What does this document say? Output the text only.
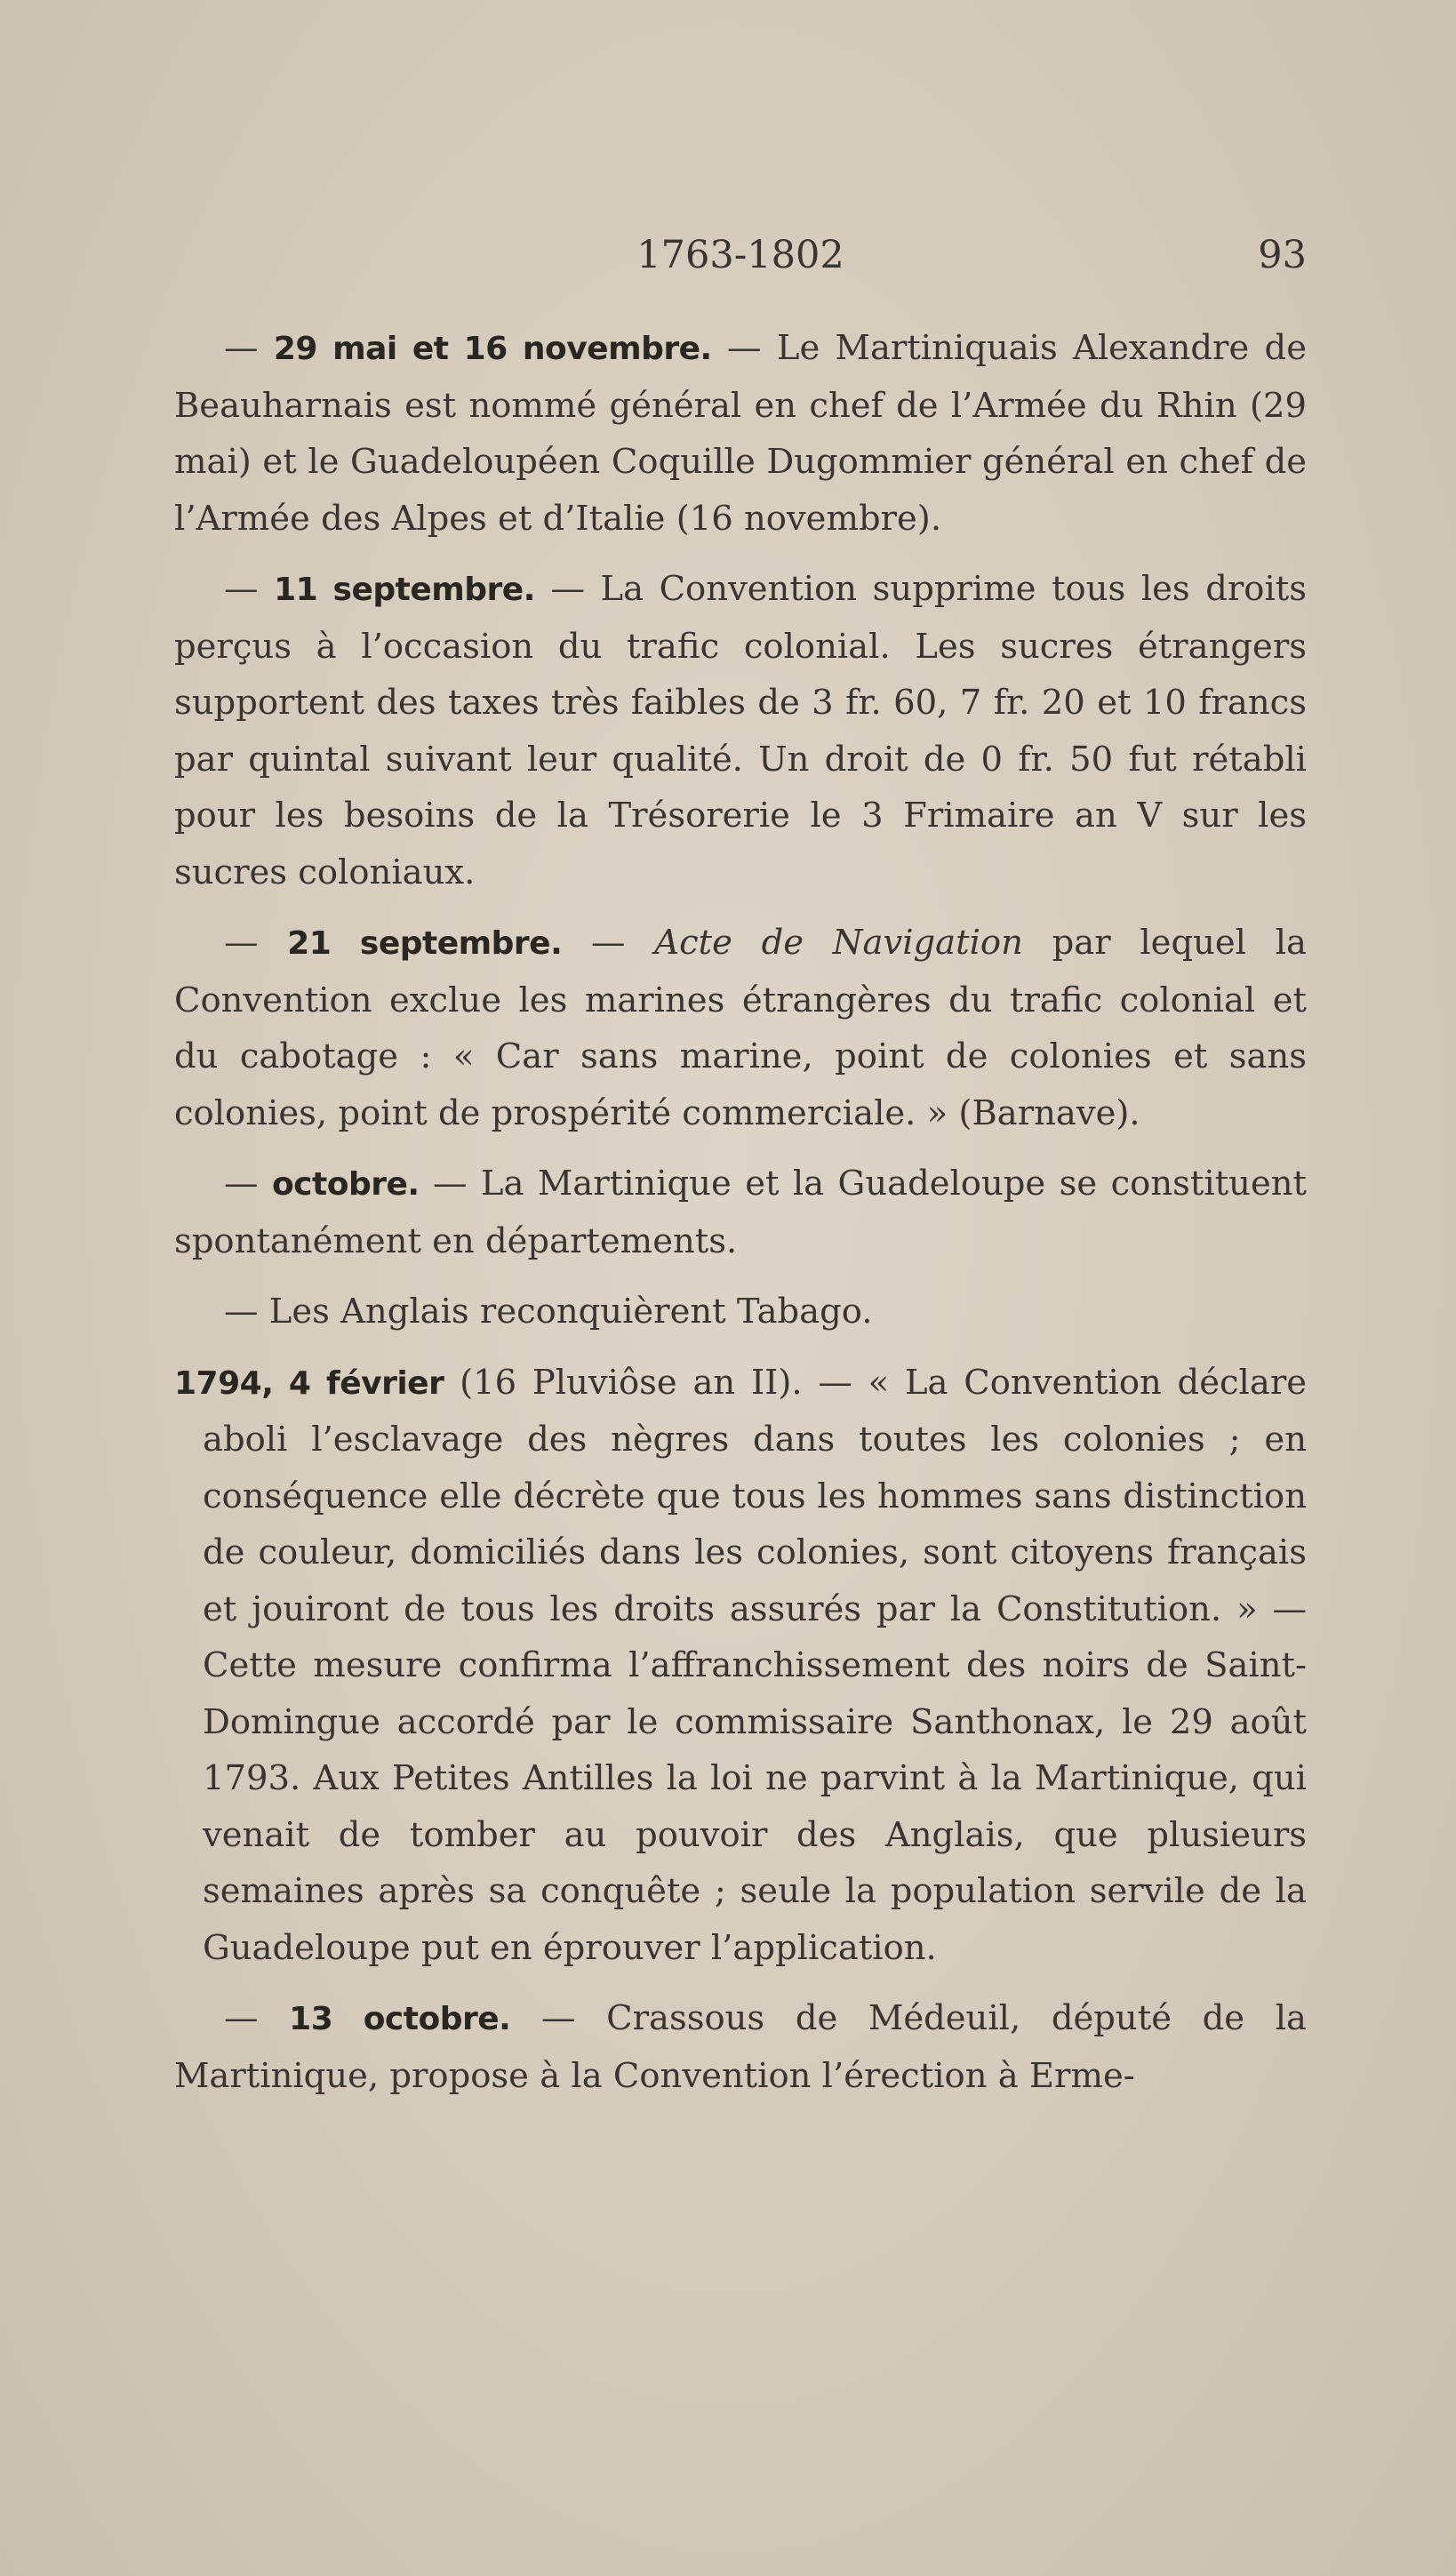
1763-1802	93

— 29 mai et 16 novembre. — Le Martiniquais Alexandre de Beauharnais est nommé général en chef de l’Armée du Rhin (29 mai) et le Guadeloupéen Coquille Dugommier général en chef de l’Armée des Alpes et d’Italie (16 novembre).

— 11 septembre. — La Convention supprime tous les droits perçus à l’occasion du trafic colonial. Les sucres étrangers supportent des taxes très faibles de 3 fr. 60, 7 fr. 20 et 10 francs par quintal suivant leur qualité. Un droit de 0 fr. 50 fut rétabli pour les besoins de la Trésorerie le 3 Frimaire an V sur les sucres coloniaux.

— 21 septembre. — Acte de Navigation par lequel la Convention exclue les marines étrangères du trafic colonial et du cabotage : « Car sans marine, point de colonies et sans colonies, point de prospérité commerciale. » (Barnave).

— octobre. — La Martinique et la Guadeloupe se constituent spontanément en départements.

— Les Anglais reconquièrent Tabago.

1794, 4 février (16 Pluviôse an II). — « La Convention déclare aboli l’esclavage des nègres dans toutes les colonies ; en conséquence elle décrète que tous les hommes sans distinction de couleur, domiciliés dans les colonies, sont citoyens français et jouiront de tous les droits assurés par la Constitution. » — Cette mesure confirma l’affranchissement des noirs de Saint-Domingue accordé par le commissaire Santhonax, le 29 août 1793. Aux Petites Antilles la loi ne parvint à la Martinique, qui venait de tomber au pouvoir des Anglais, que plusieurs semaines après sa conquête ; seule la population servile de la Guadeloupe put en éprouver l’application.

— 13 octobre. — Crassous de Médeuil, député de la Martinique, propose à la Convention l’érection à Erme-
